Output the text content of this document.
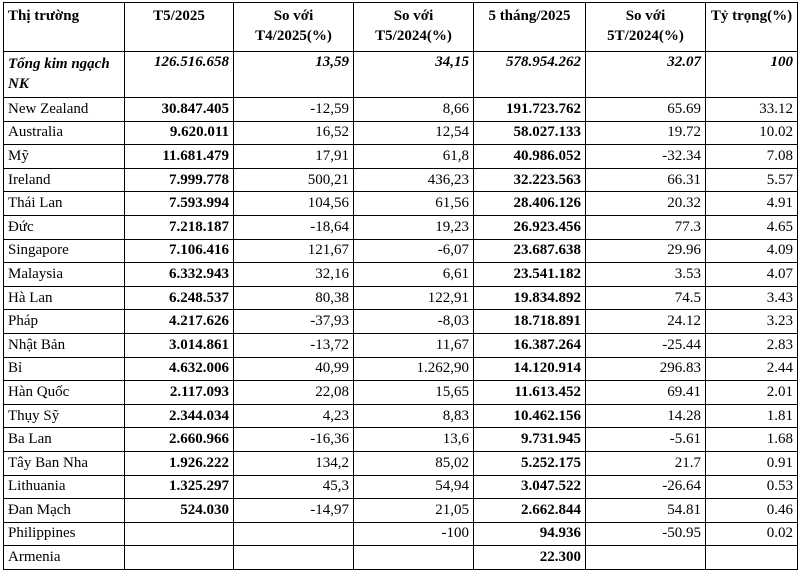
Thị trường	T5/2025	So với T4/2025(%)	So với T5/2024(%)	5 tháng/2025	So với 5T/2024(%)	Tỷ trọng(%)
Tổng kim ngạch NK	126.516.658	13,59	34,15	578.954.262	32.07	100
New Zealand	30.847.405	-12,59	8,66	191.723.762	65.69	33.12
Australia	9.620.011	16,52	12,54	58.027.133	19.72	10.02
Mỹ	11.681.479	17,91	61,8	40.986.052	-32.34	7.08
Ireland	7.999.778	500,21	436,23	32.223.563	66.31	5.57
Thái Lan	7.593.994	104,56	61,56	28.406.126	20.32	4.91
Đức	7.218.187	-18,64	19,23	26.923.456	77.3	4.65
Singapore	7.106.416	121,67	-6,07	23.687.638	29.96	4.09
Malaysia	6.332.943	32,16	6,61	23.541.182	3.53	4.07
Hà Lan	6.248.537	80,38	122,91	19.834.892	74.5	3.43
Pháp	4.217.626	-37,93	-8,03	18.718.891	24.12	3.23
Nhật Bản	3.014.861	-13,72	11,67	16.387.264	-25.44	2.83
Bỉ	4.632.006	40,99	1.262,90	14.120.914	296.83	2.44
Hàn Quốc	2.117.093	22,08	15,65	11.613.452	69.41	2.01
Thụy Sỹ	2.344.034	4,23	8,83	10.462.156	14.28	1.81
Ba Lan	2.660.966	-16,36	13,6	9.731.945	-5.61	1.68
Tây Ban Nha	1.926.222	134,2	85,02	5.252.175	21.7	0.91
Lithuania	1.325.297	45,3	54,94	3.047.522	-26.64	0.53
Đan Mạch	524.030	-14,97	21,05	2.662.844	54.81	0.46
Philippines			-100	94.936	-50.95	0.02
Armenia				22.300		
